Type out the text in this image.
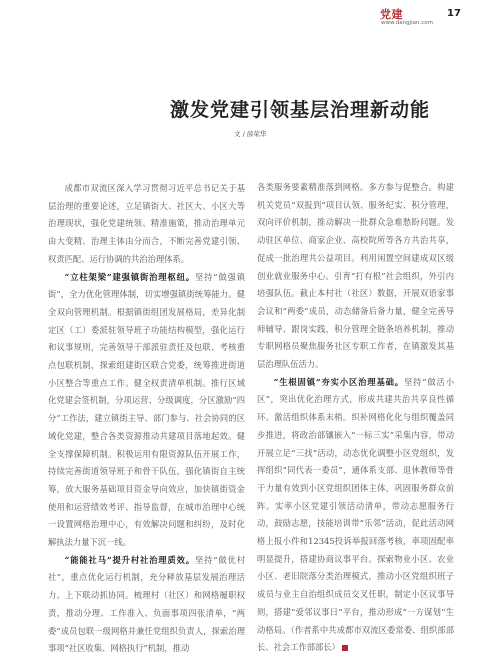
党建
www.dangjian.com
17
激发党建引领基层治理新动能
文 / 薛荣华

成都市双流区深入学习贯彻习近平总书记关于基层治理的重要论述，立足镇街大、社区大、小区大等治理现状，强化党建统领、精准施策，推动治理单元由大变精、治理主体由分而合，不断完善党建引领、权责匹配、运行协调的共治治理体系。

“立柱架梁”建强镇街治理枢纽。坚持“做强镇街”，全力优化管理体制，切实增强镇街统筹能力。健全双向管理机制。根据镇街组团发展格局，差异化制定区（工）委派驻领导班子功能结构模型，强化运行和议事规则，完善领导干部派驻责任及包联、考核重点包联机制，探索组建街区联合党委，统筹推进街道小区整合等重点工作。健全权责清单机制。推行区域化党建会签机制，分项运营、分级调度，分区激励“四分”工作法，建立镇街主导、部门参与、社会协同的区域化党建，整合各类资源推动共建项目落地起效。健全支撑保障机制。积极运用有限资源队伍开展工作，持续完善街道领导班子和骨干队伍，强化镇街自主统筹，放大服务基础项目资金导向效应，加快镇街资金使用和运营绩效考评、指导监督，在城市治理中心统一设置网格治理中心，有效解决问题和纠纷，及时化解执法力量下沉一线。

“能能社马”提升村社治理质效。坚持“做优村社”，重点优化运行机制，充分释放基层发展治理活力。上下联动抓协同。梳理村（社区）和网格履职权责，推动分理、工作准入、负面事项四张清单，“两委”成员包联一级网格并兼任党组织负责人，探索治理事项“社区收集、网格执行”机制，推动

各类服务要素精准落到网格。多方参与促整合。构建机关党员“双报到”项目认领、服务纪实、积分管理，双向评价机制，推动解决一批群众急难愁盼问题。发动驻区单位、商家企业、高校院所等各方共治共享，促成一批治理共公益项目。利用闲置空间建成双区级创业就业服务中心。引育“打有根”社会组织，外引内培强队伍。截止本村社（社区）数据，开展双语家事会议和“两委”成员，动态储备后备力量，健全完善导师辅导、跟岗实践，积分管理全链条培养机制，推动专职网格员聚焦服务社区专职工作者，在镇激发其基层治理队伍活力。

“生根固镇”夯实小区治理基础。坚持“做活小区”，突出优化治理方式，形成共建共治共享良性循环。激活组织体系末梢。织补网格化化与组织覆盖同步推进，将政治部镶嵌入“一标三实”采集内容，带动开展立足“三找”活动，动态优化调整小区党组织，发挥组织“同代表一委员”，通体系支部、退休教师等骨干力量有效到小区党组织团体主体，巩固服务群众前阵。实率小区党建引领活动清单，带动志愿服务行动，鼓励志愿，技能培训带“乐邻”活动，促此活动网格上报小件和12345投诉举报回落考核，率项固配率明显提升，搭建协商议事平台。探索物业小区、农业小区、老旧院落分类治理模式，推动小区党组织班子成员与业主自治组织成员交叉任职，制定小区议事导则，搭建“爱邻议事日”平台，推动形成“一方谋划”生动格局。（作者系中共成都市双流区委常委、组织部部长、社会工作部部长）
